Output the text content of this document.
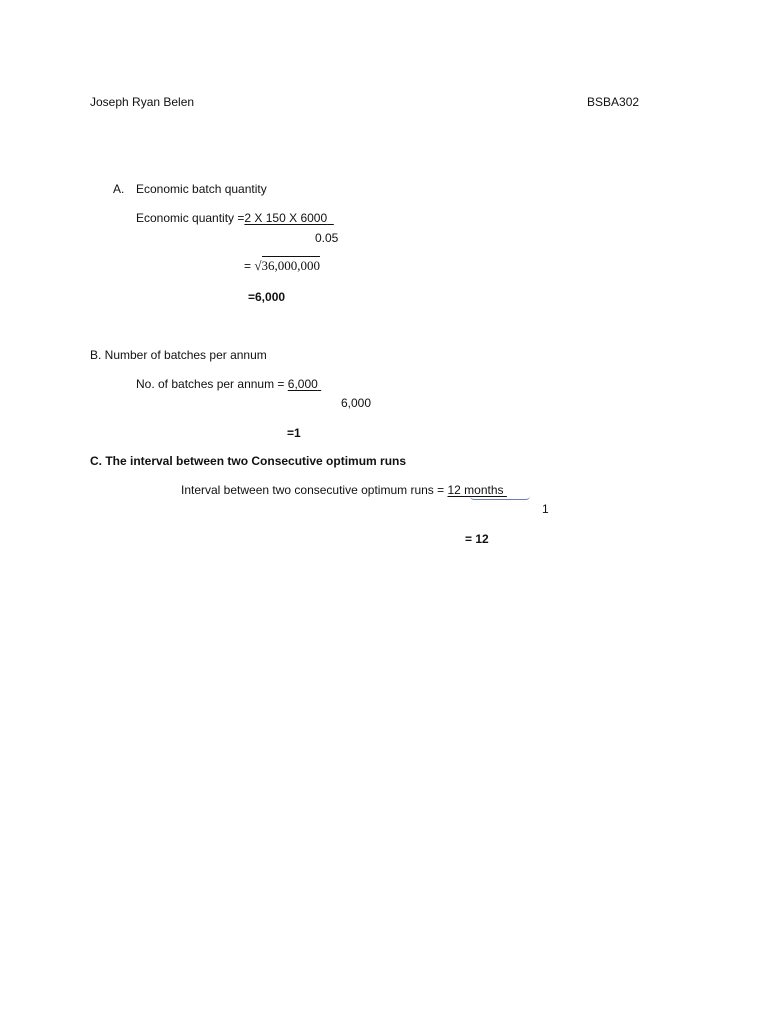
Joseph Ryan Belen	BSBA302
A. Economic batch quantity
Economic quantity =2 X 150 X 6000
0.05
= √36,000,000
=6,000
B. Number of batches per annum
No. of batches per annum = 6,000
6,000
=1
C. The interval between two Consecutive optimum runs
Interval between two consecutive optimum runs = 12 months
1
= 12
